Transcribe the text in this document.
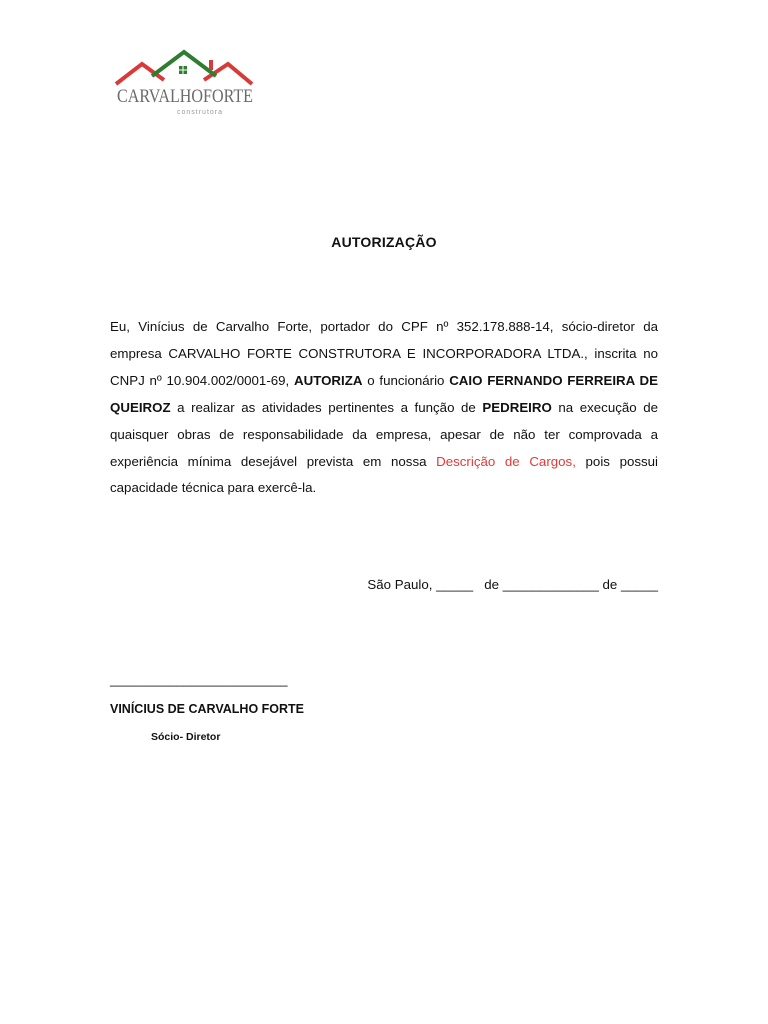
CARVALHOFORTE
construtora
AUTORIZAÇÃO
Eu, Vinícius de Carvalho Forte, portador do CPF nº 352.178.888-14, sócio-diretor da empresa CARVALHO FORTE CONSTRUTORA E INCORPORADORA LTDA., inscrita no CNPJ nº 10.904.002/0001-69, AUTORIZA o funcionário CAIO FERNANDO FERREIRA DE QUEIROZ a realizar as atividades pertinentes a função de PEDREIRO na execução de quaisquer obras de responsabilidade da empresa, apesar de não ter comprovada a experiência mínima desejável prevista em nossa Descrição de Cargos, pois possui capacidade técnica para exercê-la.
São Paulo, _____   de _____________ de _____
________________________
VINÍCIUS DE CARVALHO FORTE
Sócio- Diretor
